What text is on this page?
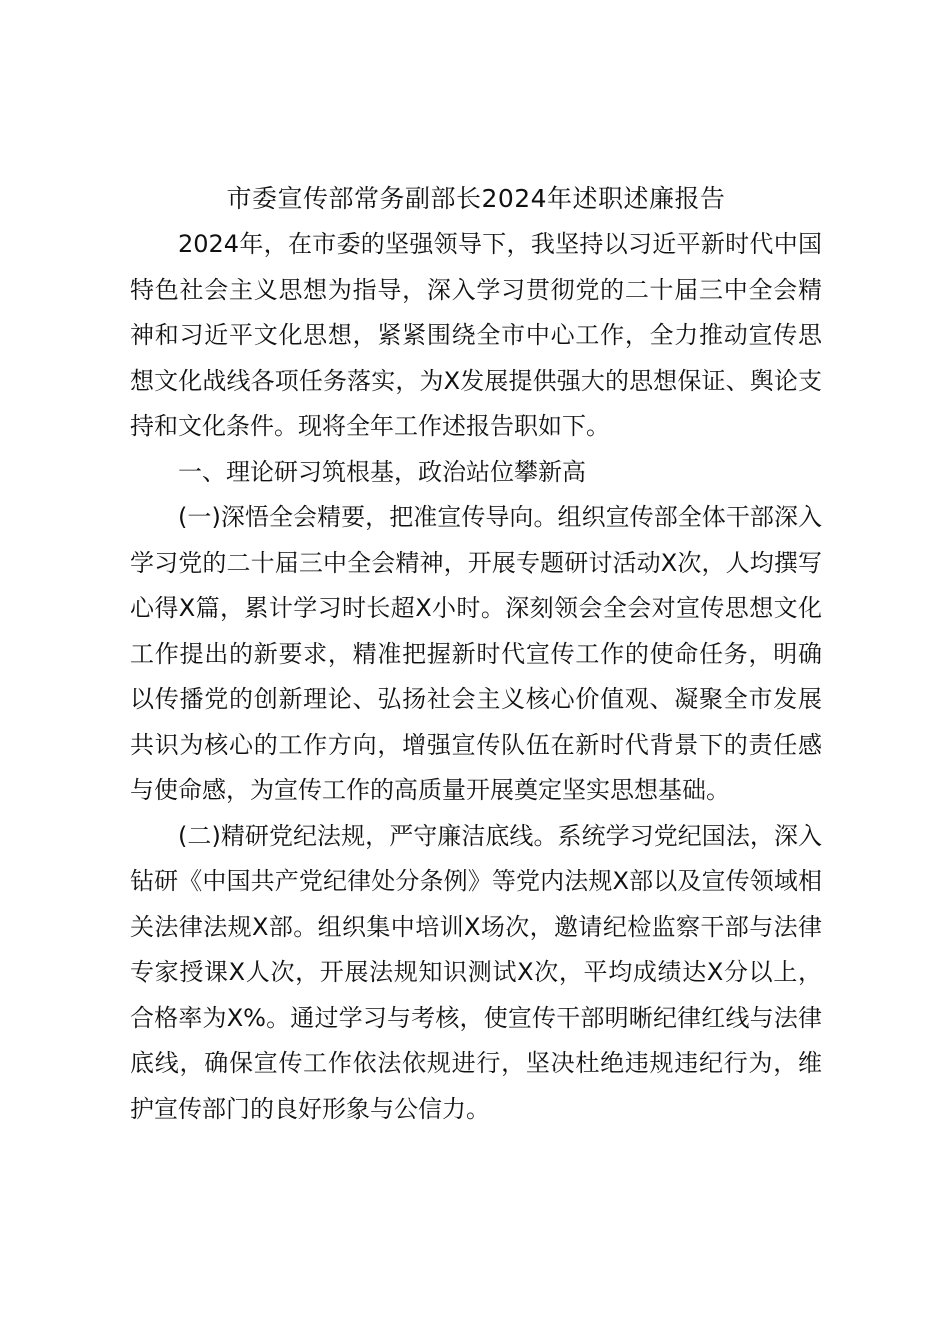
市委宣传部常务副部长2024年述职述廉报告

2024年，在市委的坚强领导下，我坚持以习近平新时代中国特色社会主义思想为指导，深入学习贯彻党的二十届三中全会精神和习近平文化思想，紧紧围绕全市中心工作，全力推动宣传思想文化战线各项任务落实，为X发展提供强大的思想保证、舆论支持和文化条件。现将全年工作述报告职如下。

一、理论研习筑根基，政治站位攀新高

(一)深悟全会精要，把准宣传导向。组织宣传部全体干部深入学习党的二十届三中全会精神，开展专题研讨活动X次，人均撰写心得X篇，累计学习时长超X小时。深刻领会全会对宣传思想文化工作提出的新要求，精准把握新时代宣传工作的使命任务，明确以传播党的创新理论、弘扬社会主义核心价值观、凝聚全市发展共识为核心的工作方向，增强宣传队伍在新时代背景下的责任感与使命感，为宣传工作的高质量开展奠定坚实思想基础。

(二)精研党纪法规，严守廉洁底线。系统学习党纪国法，深入钻研《中国共产党纪律处分条例》等党内法规X部以及宣传领域相关法律法规X部。组织集中培训X场次，邀请纪检监察干部与法律专家授课X人次，开展法规知识测试X次，平均成绩达X分以上，合格率为X%。通过学习与考核，使宣传干部明晰纪律红线与法律底线，确保宣传工作依法依规进行，坚决杜绝违规违纪行为，维护宣传部门的良好形象与公信力。
